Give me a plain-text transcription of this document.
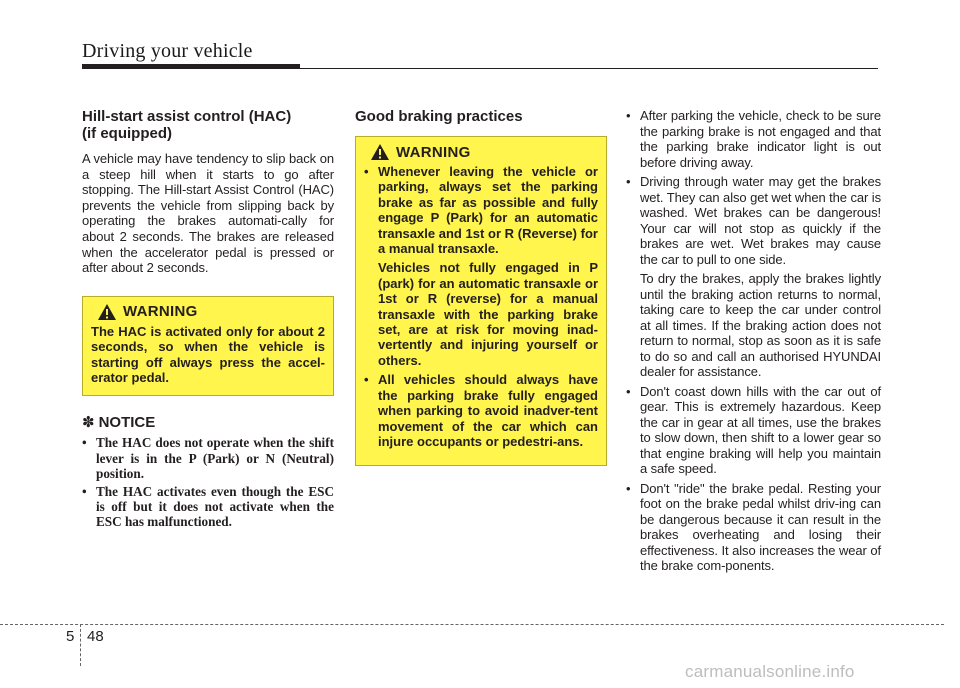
Driving your vehicle
Hill-start assist control (HAC)
(if equipped)

A vehicle may have tendency to slip back on a steep hill when it starts to go after stopping. The Hill-start Assist Control (HAC) prevents the vehicle from slipping back by operating the brakes automati-cally for about 2 seconds. The brakes are released when the accelerator pedal is pressed or after about 2 seconds.

WARNING

The HAC is activated only for about 2 seconds, so when the vehicle is starting off always press the accel-erator pedal.

✽ NOTICE
• The HAC does not operate when the shift lever is in the P (Park) or N (Neutral) position.
• The HAC activates even though the ESC is off but it does not activate when the ESC has malfunctioned.
Good braking practices
WARNING
• Whenever leaving the vehicle or parking, always set the parking brake as far as possible and fully engage P (Park) for an automatic transaxle and 1st or R (Reverse) for a manual transaxle.
Vehicles not fully engaged in P (park) for an automatic transaxle or 1st or R (reverse) for a manual transaxle with the parking brake set, are at risk for moving inad-vertently and injuring yourself or others.
• All vehicles should always have the parking brake fully engaged when parking to avoid inadver-tent movement of the car which can injure occupants or pedestri-ans.
• After parking the vehicle, check to be sure the parking brake is not engaged and that the parking brake indicator light is out before driving away.
• Driving through water may get the brakes wet. They can also get wet when the car is washed. Wet brakes can be dangerous! Your car will not stop as quickly if the brakes are wet. Wet brakes may cause the car to pull to one side.
To dry the brakes, apply the brakes lightly until the braking action returns to normal, taking care to keep the car under control at all times. If the braking action does not return to normal, stop as soon as it is safe to do so and call an authorised HYUNDAI dealer for assistance.
• Don't coast down hills with the car out of gear. This is extremely hazardous. Keep the car in gear at all times, use the brakes to slow down, then shift to a lower gear so that engine braking will help you maintain a safe speed.
• Don't "ride" the brake pedal. Resting your foot on the brake pedal whilst driv-ing can be dangerous because it can result in the brakes overheating and losing their effectiveness. It also increases the wear of the brake com-ponents.
5 48
carmanualsonline.info
